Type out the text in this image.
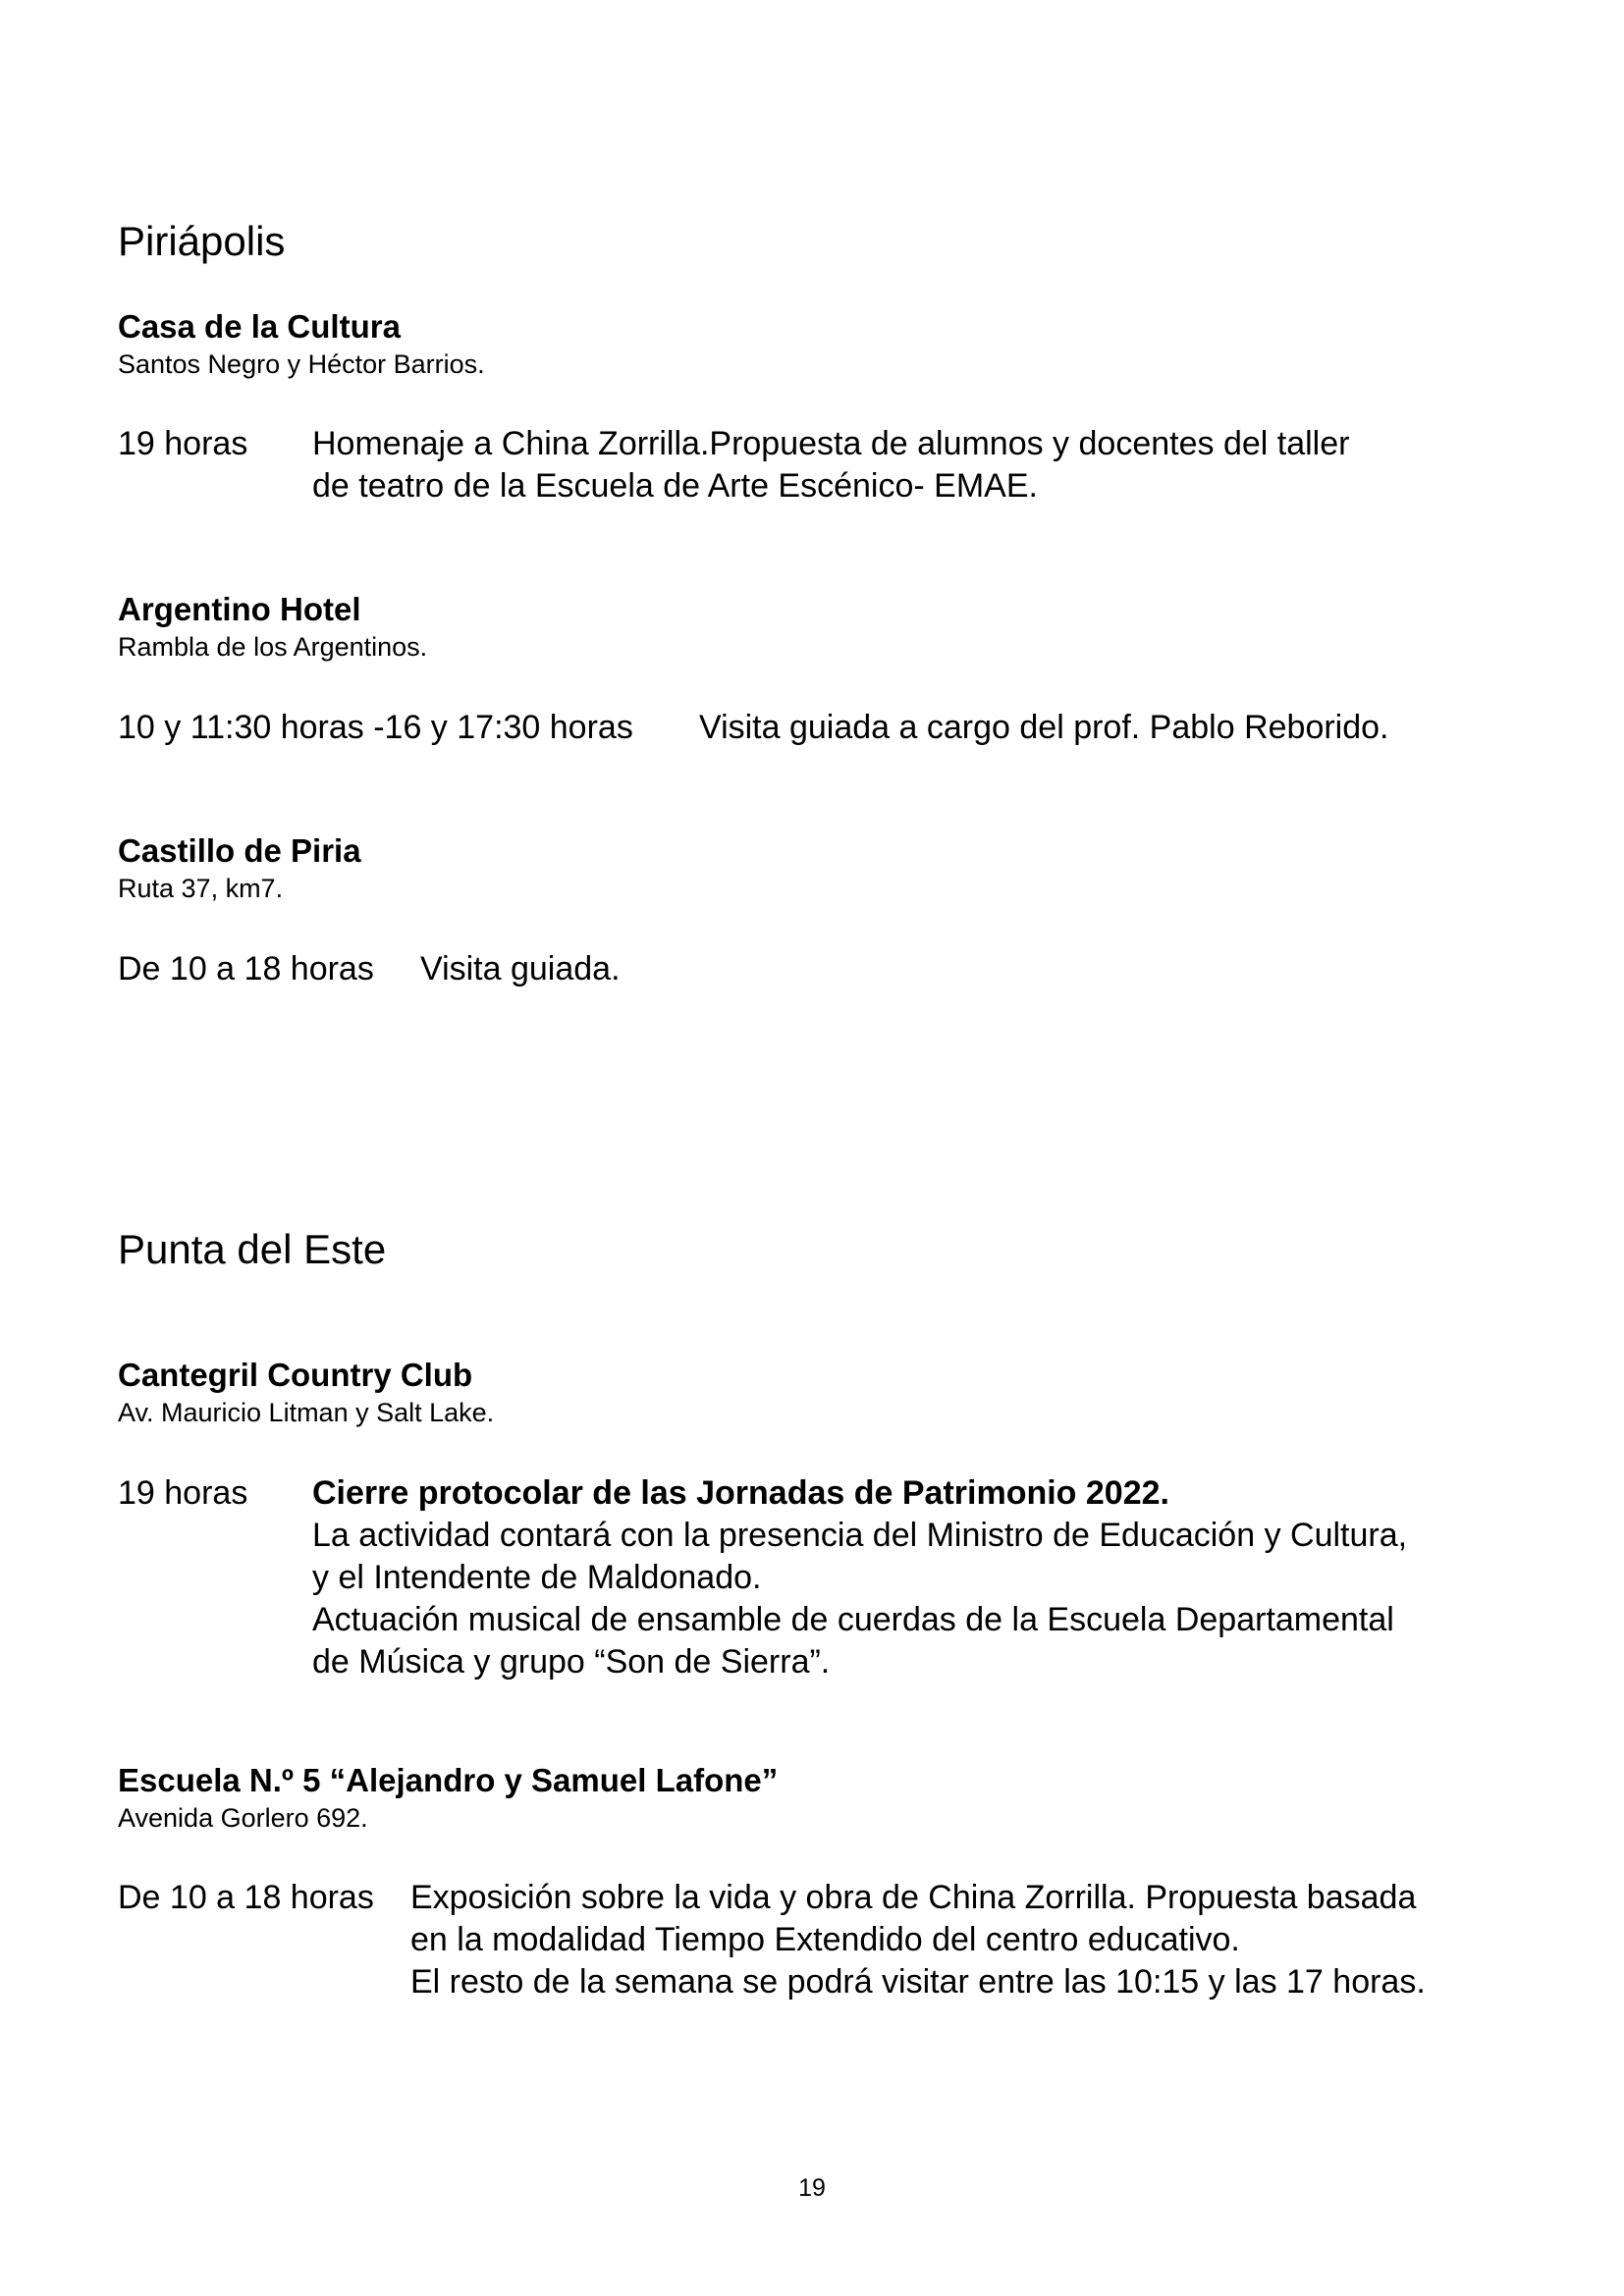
Piriápolis
Casa de la Cultura
Santos Negro y Héctor Barrios.
19 horas Homenaje a China Zorrilla.Propuesta de alumnos y docentes del taller
de teatro de la Escuela de Arte Escénico- EMAE.
Argentino Hotel
Rambla de los Argentinos.
10 y 11:30 horas -16 y 17:30 horas Visita guiada a cargo del prof. Pablo Reborido.
Castillo de Piria
Ruta 37, km7.
De 10 a 18 horas Visita guiada.
Punta del Este
Cantegril Country Club
Av. Mauricio Litman y Salt Lake.
19 horas Cierre protocolar de las Jornadas de Patrimonio 2022.
La actividad contará con la presencia del Ministro de Educación y Cultura,
y el Intendente de Maldonado.
Actuación musical de ensamble de cuerdas de la Escuela Departamental
de Música y grupo “Son de Sierra”.
Escuela N.º 5 “Alejandro y Samuel Lafone”
Avenida Gorlero 692.
De 10 a 18 horas Exposición sobre la vida y obra de China Zorrilla. Propuesta basada
en la modalidad Tiempo Extendido del centro educativo.
El resto de la semana se podrá visitar entre las 10:15 y las 17 horas.
19
